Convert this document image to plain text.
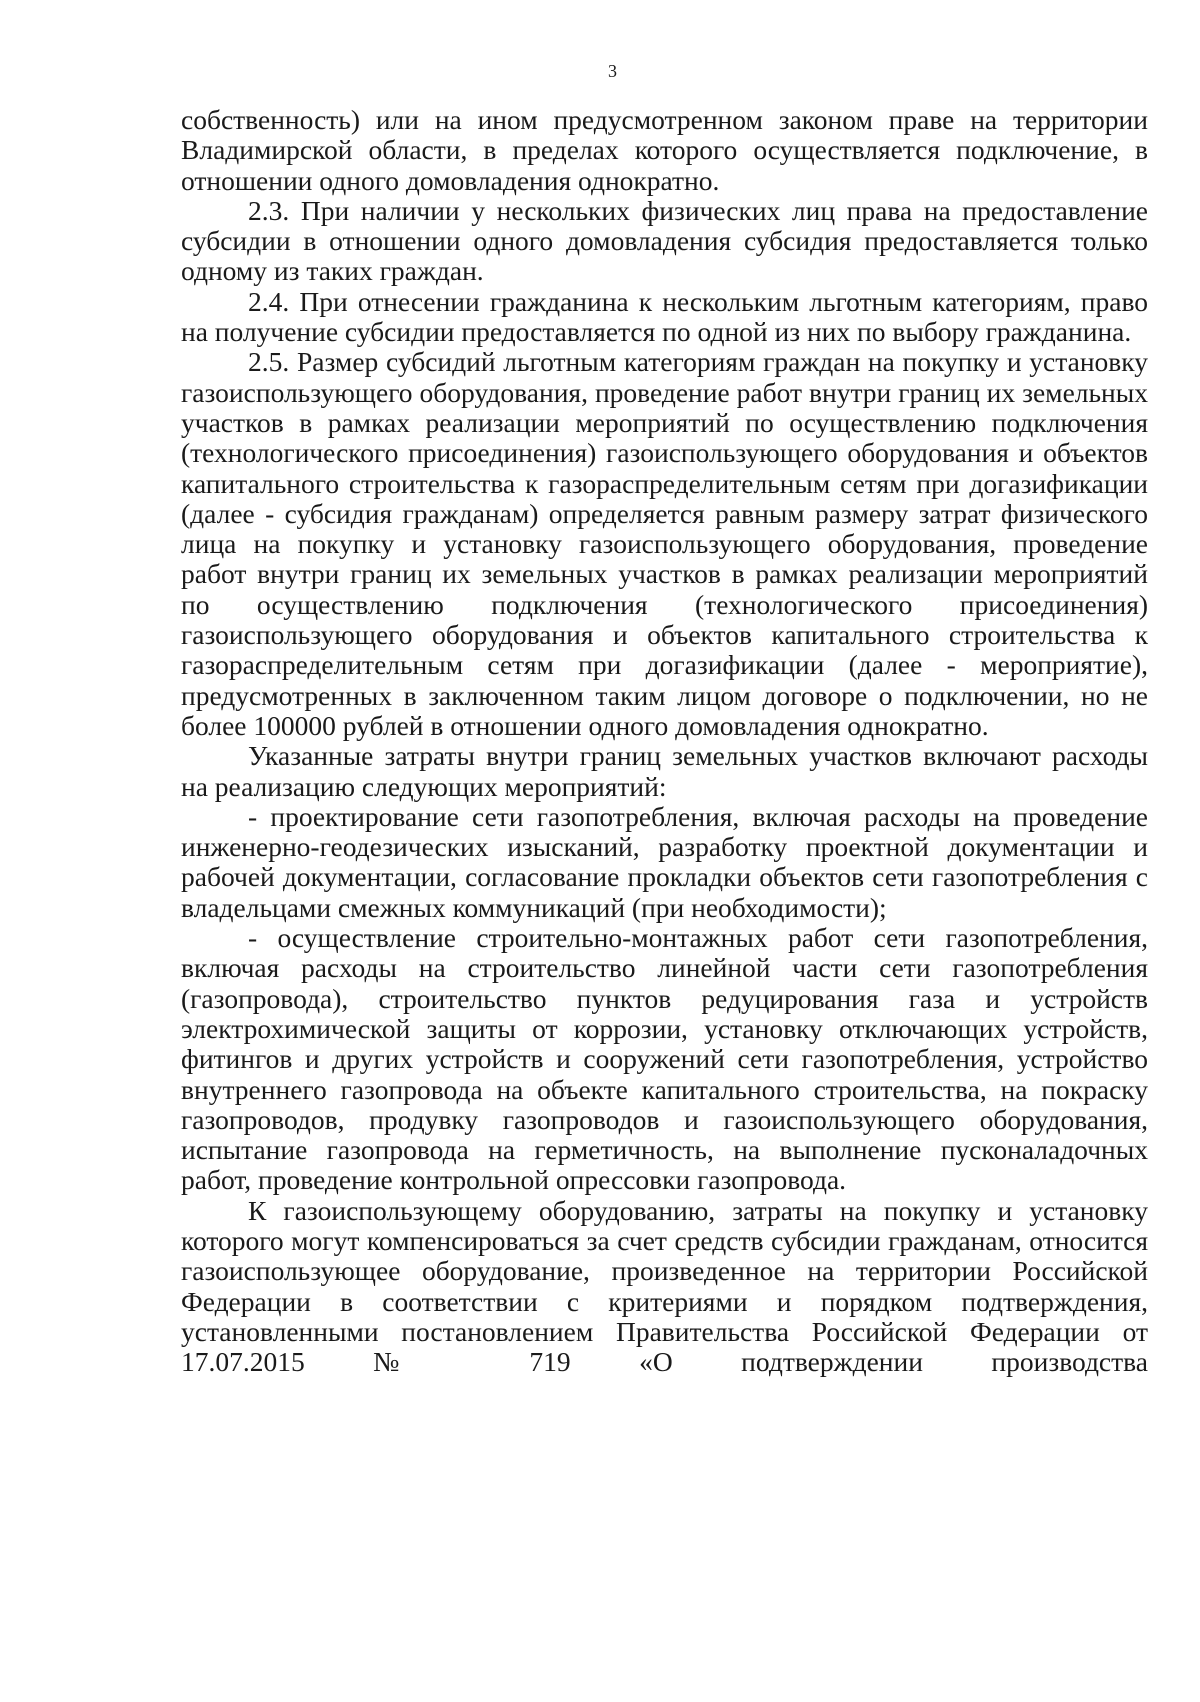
3

собственность) или на ином предусмотренном законом праве на территории Владимирской области, в пределах которого осуществляется подключение, в отношении одного домовладения однократно.

2.3. При наличии у нескольких физических лиц права на предоставление субсидии в отношении одного домовладения субсидия предоставляется только одному из таких граждан.

2.4. При отнесении гражданина к нескольким льготным категориям, право на получение субсидии предоставляется по одной из них по выбору гражданина.

2.5. Размер субсидий льготным категориям граждан на покупку и установку газоиспользующего оборудования, проведение работ внутри границ их земельных участков в рамках реализации мероприятий по осуществлению подключения (технологического присоединения) газоиспользующего оборудования и объектов капитального строительства к газораспределительным сетям при догазификации (далее - субсидия гражданам) определяется равным размеру затрат физического лица на покупку и установку газоиспользующего оборудования, проведение работ внутри границ их земельных участков в рамках реализации мероприятий по осуществлению подключения (технологического присоединения) газоиспользующего оборудования и объектов капитального строительства к газораспределительным сетям при догазификации (далее - мероприятие), предусмотренных в заключенном таким лицом договоре о подключении, но не более 100000 рублей в отношении одного домовладения однократно.

Указанные затраты внутри границ земельных участков включают расходы на реализацию следующих мероприятий:

- проектирование сети газопотребления, включая расходы на проведение инженерно-геодезических изысканий, разработку проектной документации и рабочей документации, согласование прокладки объектов сети газопотребления с владельцами смежных коммуникаций (при необходимости);

- осуществление строительно-монтажных работ сети газопотребления, включая расходы на строительство линейной части сети газопотребления (газопровода), строительство пунктов редуцирования газа и устройств электрохимической защиты от коррозии, установку отключающих устройств, фитингов и других устройств и сооружений сети газопотребления, устройство внутреннего газопровода на объекте капитального строительства, на покраску газопроводов, продувку газопроводов и газоиспользующего оборудования, испытание газопровода на герметичность, на выполнение пусконаладочных работ, проведение контрольной опрессовки газопровода.

К газоиспользующему оборудованию, затраты на покупку и установку которого могут компенсироваться за счет средств субсидии гражданам, относится газоиспользующее оборудование, произведенное на территории Российской Федерации в соответствии с критериями и порядком подтверждения, установленными постановлением Правительства Российской Федерации от 17.07.2015 № 719 «О подтверждении производства
